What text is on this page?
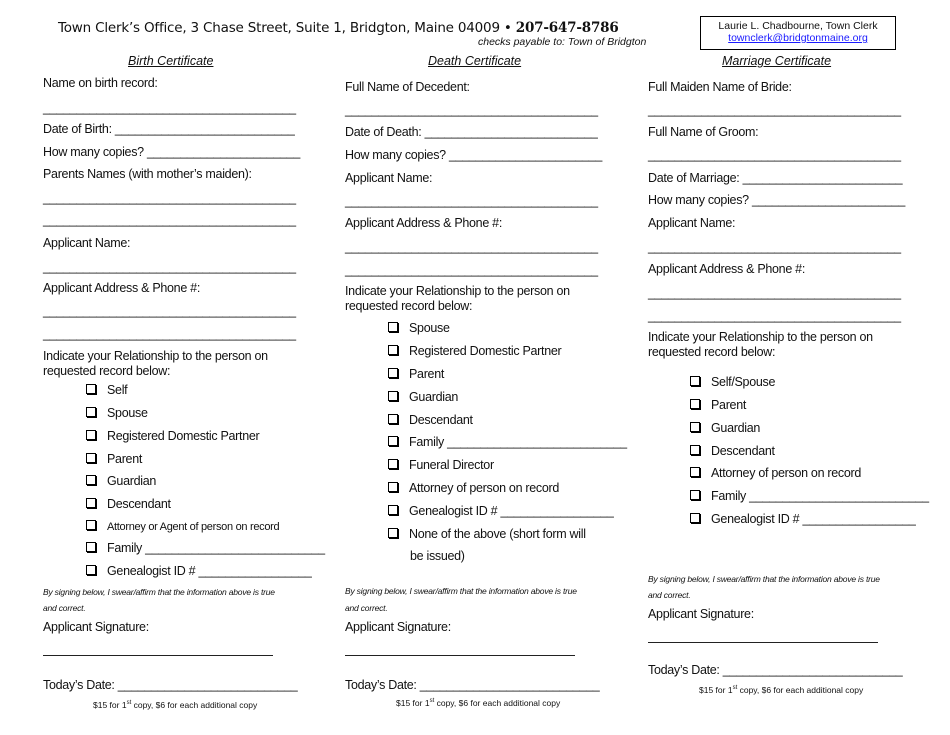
Town Clerk’s Office, 3 Chase Street, Suite 1, Bridgton, Maine 04009 • 207-647-8786
checks payable to: Town of Bridgton
Laurie L. Chadbourne, Town Clerk
townclerk@bridgtonmaine.org
Birth Certificate
Name on birth record:
______________________________________
Date of Birth: ___________________________
How many copies? _______________________
Parents Names (with mother’s maiden):
______________________________________
______________________________________
Applicant Name:
______________________________________
Applicant Address & Phone #:
______________________________________
______________________________________
Indicate your Relationship to the person on
requested record below:
Self
Spouse
Registered Domestic Partner
Parent
Guardian
Descendant
Attorney or Agent of person on record
Family ___________________________
Genealogist ID # _________________
By signing below, I swear/affirm that the information above is true
and correct.
Applicant Signature:
Today’s Date: ___________________________
$15 for 1st copy, $6 for each additional copy
Death Certificate
Full Name of Decedent:
______________________________________
Date of Death: __________________________
How many copies? _______________________
Applicant Name:
______________________________________
Applicant Address & Phone #:
______________________________________
______________________________________
Indicate your Relationship to the person on
requested record below:
Spouse
Registered Domestic Partner
Parent
Guardian
Descendant
Family ___________________________
Funeral Director
Attorney of person on record
Genealogist ID # _________________
None of the above (short form will
be issued)
By signing below, I swear/affirm that the information above is true
and correct.
Applicant Signature:
Today’s Date: ___________________________
$15 for 1st copy, $6 for each additional copy
Marriage Certificate
Full Maiden Name of Bride:
______________________________________
Full Name of Groom:
______________________________________
Date of Marriage: ________________________
How many copies? _______________________
Applicant Name:
______________________________________
Applicant Address & Phone #:
______________________________________
______________________________________
Indicate your Relationship to the person on
requested record below:
Self/Spouse
Parent
Guardian
Descendant
Attorney of person on record
Family ___________________________
Genealogist ID # _________________
By signing below, I swear/affirm that the information above is true
and correct.
Applicant Signature:
Today’s Date: ___________________________
$15 for 1st copy, $6 for each additional copy
